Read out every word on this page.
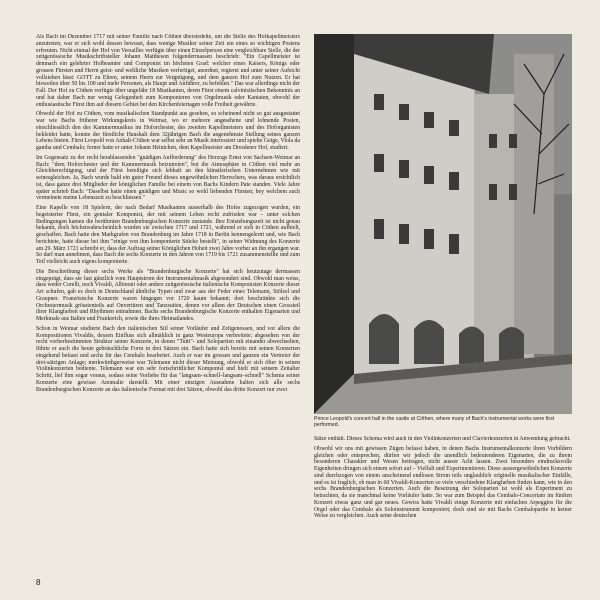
Als Bach im Dezember 1717 mit seiner Familie nach Cöthen übersiedelte, um die Stelle des Hofkapellmeisters anzutreten, war er sich wohl dessen bewusst, dass wenige Musiker seiner Zeit ein eines so wichtigen Postens erfreuten. Nicht einmal der Hof von Versailles verfügte über einen Einzelperson eine vergleichbare Stelle, die der zeitgenössische Musikschriftsteller Johann Mattheson folgendermassen beschrieb: "Ein Capellmeister ist demnach ein gelehrter Hofbeamter und Componist im höchsten Grad: welcher eines Kaisers, Königs oder grossen Fürsten und Herrn geist- und weltliche Musiken verfertiget, anordnet, regieret und unter seiner Aufsicht vollziehen lässt: GOTT zu Ehren, seinem Herrn zur Vergnügung, und dem ganzen Hof zum Nutzen. Er hat bisweilen über 50 bis 100 und mehr Personen, als Haupt und Anführer, zu befehlen." Das war allerdings nicht der Fall. Der Hof zu Cöthen verfügte über ungefähr 18 Musikanten, deren Fürst einem calvinistischen Bekenntnis an und hat daher Bach nur wenig Gelegenheit zum Komponieren von Orgelmusik oder Kantaten, obwohl der enthusiastische Fürst ihm auf diesem Gebiet bei den Kirchenfeiertagen volle Freiheit gewährte.

Obwohl der Hof zu Cöthen, vom musikalischen Standpunkt aus gesehen, so scheinend nicht so gut ausgestattet war wie Bachs früherer Wirkungskreis in Weimar, wo er mehrere angesehene und lohnende Posten, einschliesslich den des Kammermusikus im Hoforchester, des zweiten Kapellmeisters und des Hoforganisten bekleidet hatte, konnte der fürstliche Haushalt dem 32jährigen Bach die angenehmste Stellung seines ganzen Lebens bieten. Fürst Leopold von Anhalt-Cöthen war selbst sehr an Musik interessiert und spielte Geige, Viola da gamba und Cembalo; ferner hatte er unter Johann Heinichen, dem Kapellmeister am Dresdener Hof, studiert.

Im Gegensatz zu der recht herablassenden "gnädigen Aufforderung" des Herzogs Ernst von Sachsen-Weimar an Bach: "dem Hoforchester und der Kammermusik beizutreten", bot die Atmosphäre in Cöthen viel mehr an Gleichberechtigung, und der Fürst beteiligte sich lebhaft an den künstlerischen Unternehmen wie mit seinesgleichen. Ja, Bach wurde bald ein guter Freund dieses ungewöhnlichen Herrschers, was daraus ersichtlich ist, dass ganze drei Mitglieder der königlichen Familie bei einem von Bachs Kindern Pate standen. Viele Jahre später schrieb Bach: "Daselbst hatte einen gnädigen und Music so wohl liebenden Fürsten; bey welchem auch vermeinete meine Lebenszeit zu beschliessen."

Eine Kapelle von 18 Spielern, der nach Bedarf Musikanten ausserhalb des Hofes zugezogen wurden, ein begeisterter Fürst, ein genialer Komponist, der mit seinem Leben recht zufrieden war – unter solchen Bedingungen kamen die berühmten Brandenburgischen Konzerte zustande. Ihre Entstehungszeit ist nicht genau bekannt, doch höchstwahrscheinlich wurden sie zwischen 1717 und 1721, während er sich in Cöthen aufhielt, geschaffen. Bach hatte den Markgrafen von Brandenburg im Jahre 1718 in Berlin kennengelernt und, wie Bach berichtete, hatte dieser bei ihm "einige von ihm komponierte Stücke bestellt", in seiner Widmung des Konzerte am 29. März 1721 schreibt er, dass der Auftrag seiner Königlichen Hoheit zwei Jahre vorher an ihn ergangen war. So darf man annehmen, dass Bach die sechs Konzerte in den Jahren von 1719 bis 1721 zusammenstellte und zum Teil vielleicht auch eigens komponierte.

Die Beschreibung dieser sechs Werke als "Brandenburgische Konzerte" hat sich heutzutage dermassen eingeprägt, dass sie fast gänzlich vom Hauptstrom der Instrumentalmusik abgesondert sind. Obwohl man weiss, dass weder Corelli, noch Vivaldi, Albinoni oder andere zeitgenössische italienische Komponisten Konzerte dieser Art schufen, gab es doch in Deutschland ähnliche Typen und zwar aus der Feder eines Telemann, Stölzel und Graupner. Französische Konzerte waren hingegen vor 1720 kaum bekannt; dort beschränkte sich die Orchestermusik grösstenteils auf Ouvertüren und Tanzsuiten, denen vor allem der Deutschen einen Grossteil ihrer Klangfarben und Rhythmen entnahmen. Bachs sechs Brandenburgische Konzerte enthalten Eigenarten und Merkmale aus Italien und Frankreich, sowie die ihres Heimatlandes.

Schon in Weimar studierte Bach den italienischen Stil seiner Vorläufer und Zeitgenossen, und vor allem die Kompositionen Vivaldis, dessen Einfluss sich allmählich in ganz Westeuropa verbreitete; abgesehen von der recht vorherbestimmten Struktur seiner Konzerte, in denen "Tutti"- und Solopartien mit einander abwechselten, führte er auch die heute gebräuchliche Form in drei Sätzen ein. Bach hatte sich bereits mit seinen Konzerten eingehend befasst und sechs für das Cembalo bearbeitet. Auch er war im grossen und ganzen ein Vertreter der drei-sätzigen Anlage; merkwürdigerweise war Telemann nicht dieser Meinung, obwohl er sich öfter in seinen Violinkonzerten bediente. Telemann war ein sehr fortschrittlicher Komponist und hielt mit seinem Zeitalter Schritt, lief ihm sogar voraus, sodass seine Vorliebe für das "langsam–schnell–langsam–schnell" Schema seiner Konzerte eine gewisse Anomalie darstellt. Mit einer einzigen Ausnahme halten sich alle sechs Brandenburgischen Konzerte an das italienische Format mit drei Sätzen, obwohl das dritte Konzert nur zwei

Prince Leopold's concert hall in the castle at Cöthen, where many of Bach's instrumental works were first performed.

Sätze enthält. Dieses Schema wird auch in den Violinkonzerten und Clavierkonzerten in Anwendung gebracht.

Obwohl wir uns mit gewissen Zügen befasst haben, in denen Bachs Instrumentalkonzerte ihren Vorbildern gleichen oder entsprechen, dürfen wir jedoch die unendlich bedeutenderen Eigenarten, die zu ihrem besonderen Charakter und Wesen beitragen, nicht ausser Acht lassen. Zwei besonders eindrucksvolle Eigenheiten dringen sich einem sofort auf – Vielfalt und Experimentieren. Diese aussergewöhnlichen Konzerte sind durchzogen von einem anscheinend endlosen Strom teils unglaublich originelle musikalischer Einfälle, und es ist fraglich, ob man in 60 Vivaldi-Konzerten so viele verschiedene Klangfarben finden kann, wie in den sechs Brandenburgischen Konzerten. Auch die Besetzung der Soloparten ist wohl als Experiment zu betrachten, da sie manchmal keine Vorläufer hatte. So war zum Beispiel das Cembalo-Concertato im fünften Konzert etwas ganz und gar neues. Gewiss hatte Vivaldi einige Konzerte mit einfachen Arpeggios für die Orgel oder das Cembalo als Soloinstrument komponiert; doch sind sie mit Bachs Cembalopartie in keiner Weise zu vergleichen. Auch seine deutschen

8
